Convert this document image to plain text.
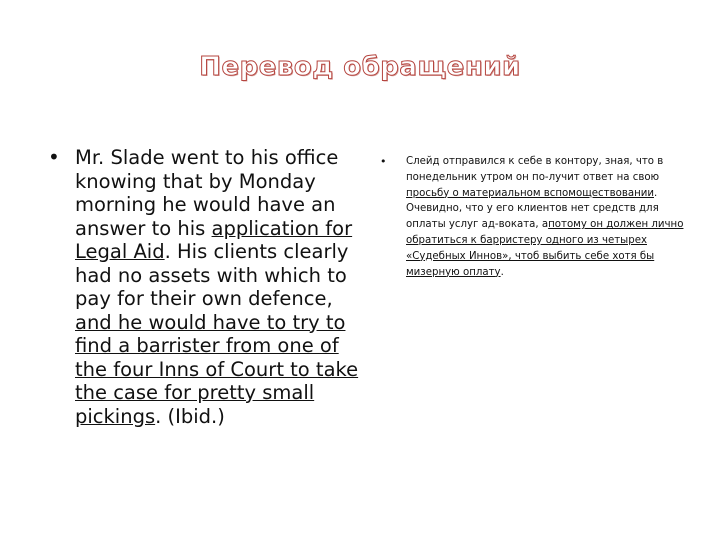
Перевод обращений
• Mr. Slade went to his office knowing that by Monday morning he would have an answer to his application for Legal Aid. His clients clearly had no assets with which to pay for their own defence, and he would have to try to find a barrister from one of the four Inns of Court to take the case for pretty small pickings. (Ibid.)

• Слейд отправился к себе в контору, зная, что в понедельник утром он по-лучит ответ на свою просьбу о материальном вспомоществовании. Очевидно, что у его клиентов нет средств для оплаты услуг ад-воката, апотому он должен лично обратиться к барристеру одного из четырех «Судебных Иннов», чтоб выбить себе хотя бы мизерную оплату.
